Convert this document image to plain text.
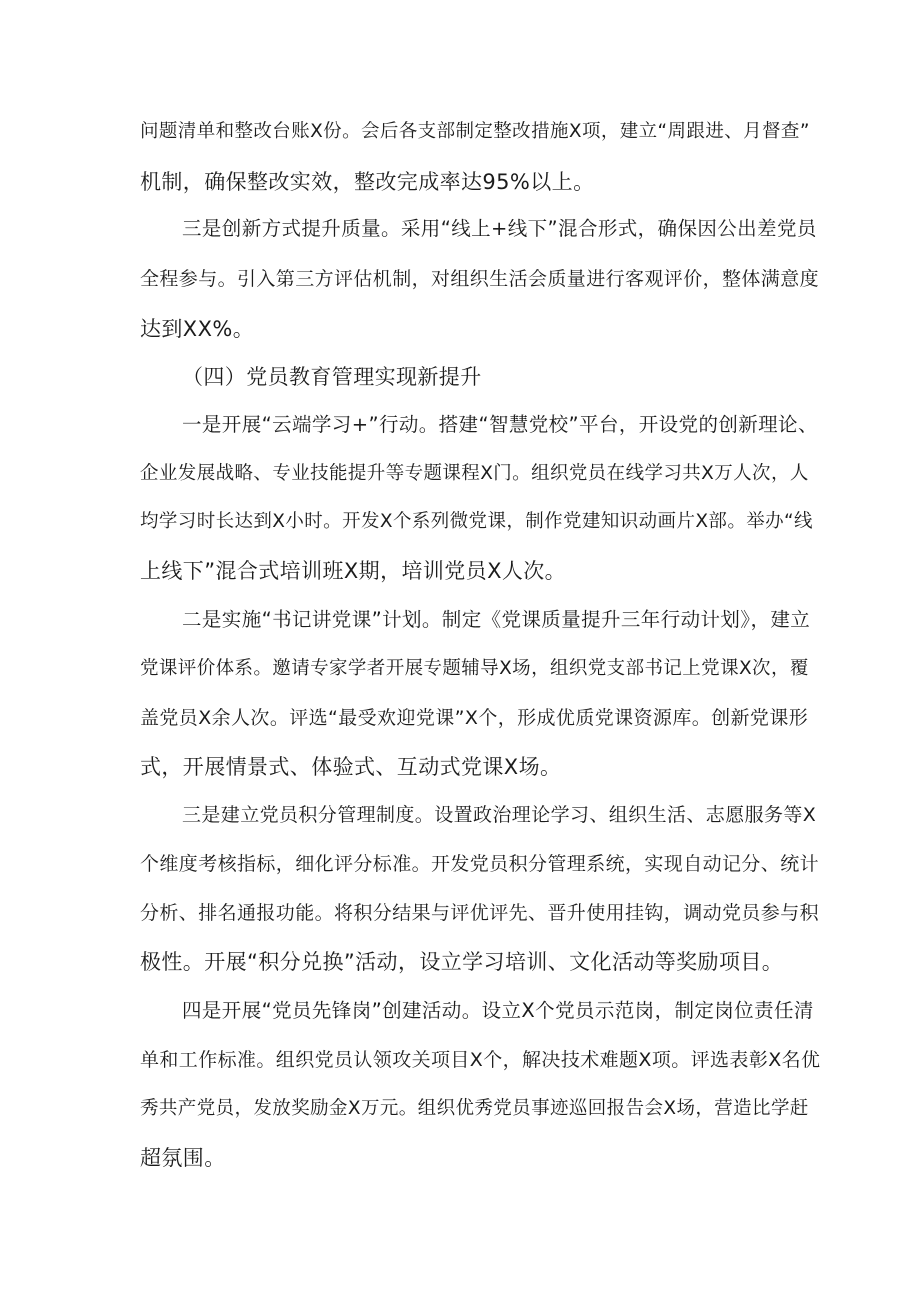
问题清单和整改台账X份。会后各支部制定整改措施X项，建立“周跟进、月督查”

机制，确保整改实效，整改完成率达95%以上。

三是创新方式提升质量。采用“线上+线下”混合形式，确保因公出差党员

全程参与。引入第三方评估机制，对组织生活会质量进行客观评价，整体满意度

达到XX%。

（四）党员教育管理实现新提升

一是开展“云端学习+”行动。搭建“智慧党校”平台，开设党的创新理论、

企业发展战略、专业技能提升等专题课程X门。组织党员在线学习共X万人次，人

均学习时长达到X小时。开发X个系列微党课，制作党建知识动画片X部。举办“线

上线下”混合式培训班X期，培训党员X人次。

二是实施“书记讲党课”计划。制定《党课质量提升三年行动计划》，建立

党课评价体系。邀请专家学者开展专题辅导X场，组织党支部书记上党课X次，覆

盖党员X余人次。评选“最受欢迎党课”X个，形成优质党课资源库。创新党课形

式，开展情景式、体验式、互动式党课X场。

三是建立党员积分管理制度。设置政治理论学习、组织生活、志愿服务等X

个维度考核指标，细化评分标准。开发党员积分管理系统，实现自动记分、统计

分析、排名通报功能。将积分结果与评优评先、晋升使用挂钩，调动党员参与积

极性。开展“积分兑换”活动，设立学习培训、文化活动等奖励项目。

四是开展“党员先锋岗”创建活动。设立X个党员示范岗，制定岗位责任清

单和工作标准。组织党员认领攻关项目X个，解决技术难题X项。评选表彰X名优

秀共产党员，发放奖励金X万元。组织优秀党员事迹巡回报告会X场，营造比学赶

超氛围。
